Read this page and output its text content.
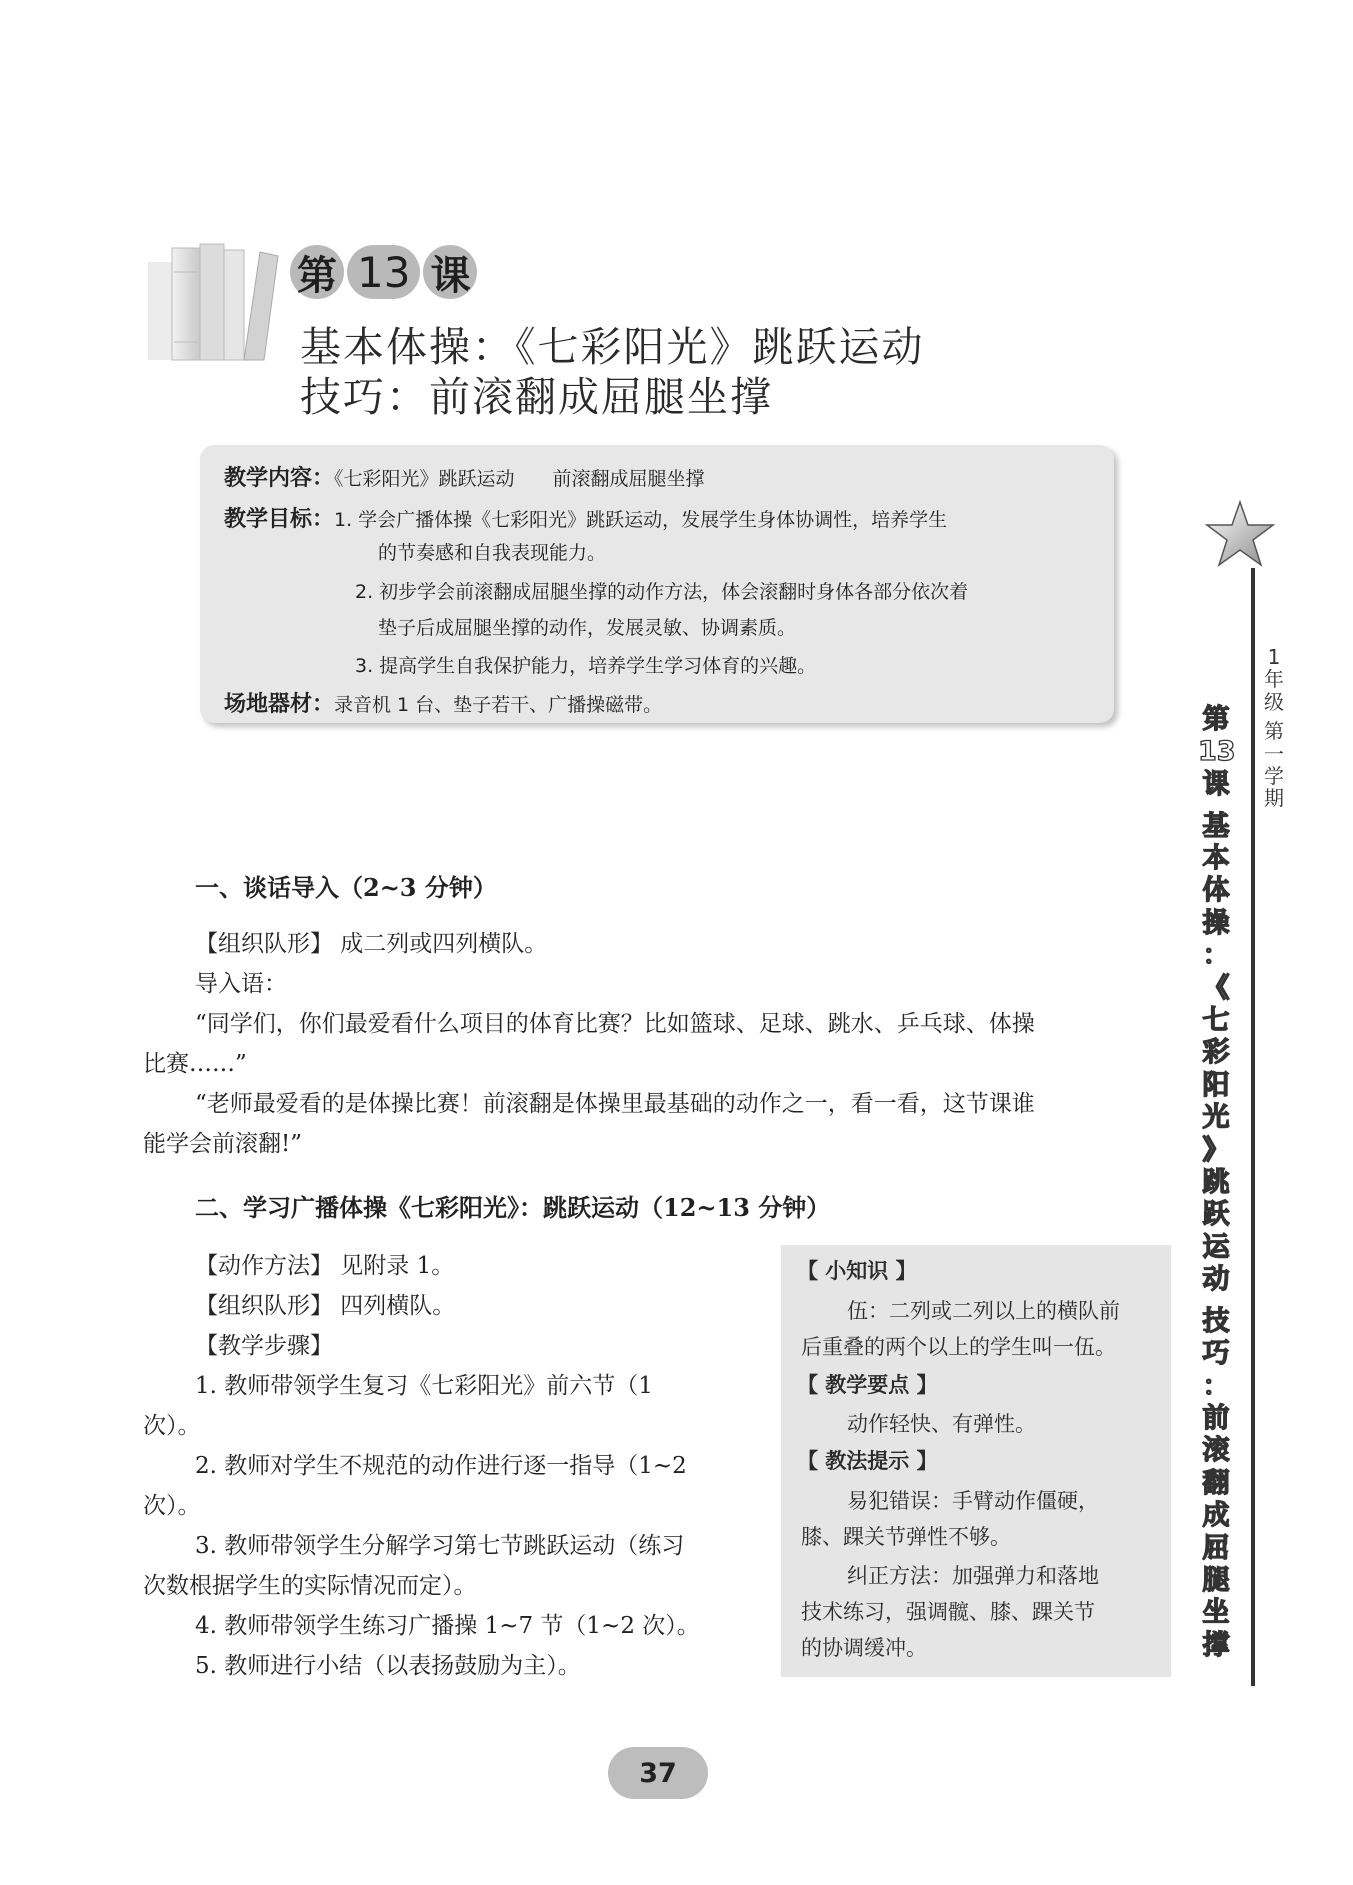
第 13 课
基本体操：《七彩阳光》跳跃运动
技巧：前滚翻成屈腿坐撑
教学内容：《七彩阳光》跳跃运动　　前滚翻成屈腿坐撑
教学目标：1. 学会广播体操《七彩阳光》跳跃运动，发展学生身体协调性，培养学生
的节奏感和自我表现能力。
2. 初步学会前滚翻成屈腿坐撑的动作方法，体会滚翻时身体各部分依次着
垫子后成屈腿坐撑的动作，发展灵敏、协调素质。
3. 提高学生自我保护能力，培养学生学习体育的兴趣。
场地器材：录音机 1 台、垫子若干、广播操磁带。
一、谈话导入（2~3 分钟）
【组织队形】 成二列或四列横队。
导入语：
“同学们，你们最爱看什么项目的体育比赛？比如篮球、足球、跳水、乒乓球、体操
比赛……”
“老师最爱看的是体操比赛！前滚翻是体操里最基础的动作之一，看一看，这节课谁
能学会前滚翻!”
二、学习广播体操《七彩阳光》：跳跃运动（12~13 分钟）
【动作方法】 见附录 1。
【组织队形】 四列横队。
【教学步骤】
1. 教师带领学生复习《七彩阳光》前六节（1
次）。
2. 教师对学生不规范的动作进行逐一指导（1~2
次）。
3. 教师带领学生分解学习第七节跳跃运动（练习
次数根据学生的实际情况而定）。
4. 教师带领学生练习广播操 1~7 节（1~2 次）。
5. 教师进行小结（以表扬鼓励为主）。
【 小知识 】
伍：二列或二列以上的横队前
后重叠的两个以上的学生叫一伍。
【 教学要点 】
动作轻快、有弹性。
【 教法提示 】
易犯错误：手臂动作僵硬，
膝、踝关节弹性不够。
纠正方法：加强弹力和落地
技术练习，强调髋、膝、踝关节
的协调缓冲。
1
年
级

第
一
学
期
第
13
课

基
本
体
操
：
《
七
彩
阳
光
》
跳
跃
运
动

技
巧
：
前
滚
翻
成
屈
腿
坐
撑
37
